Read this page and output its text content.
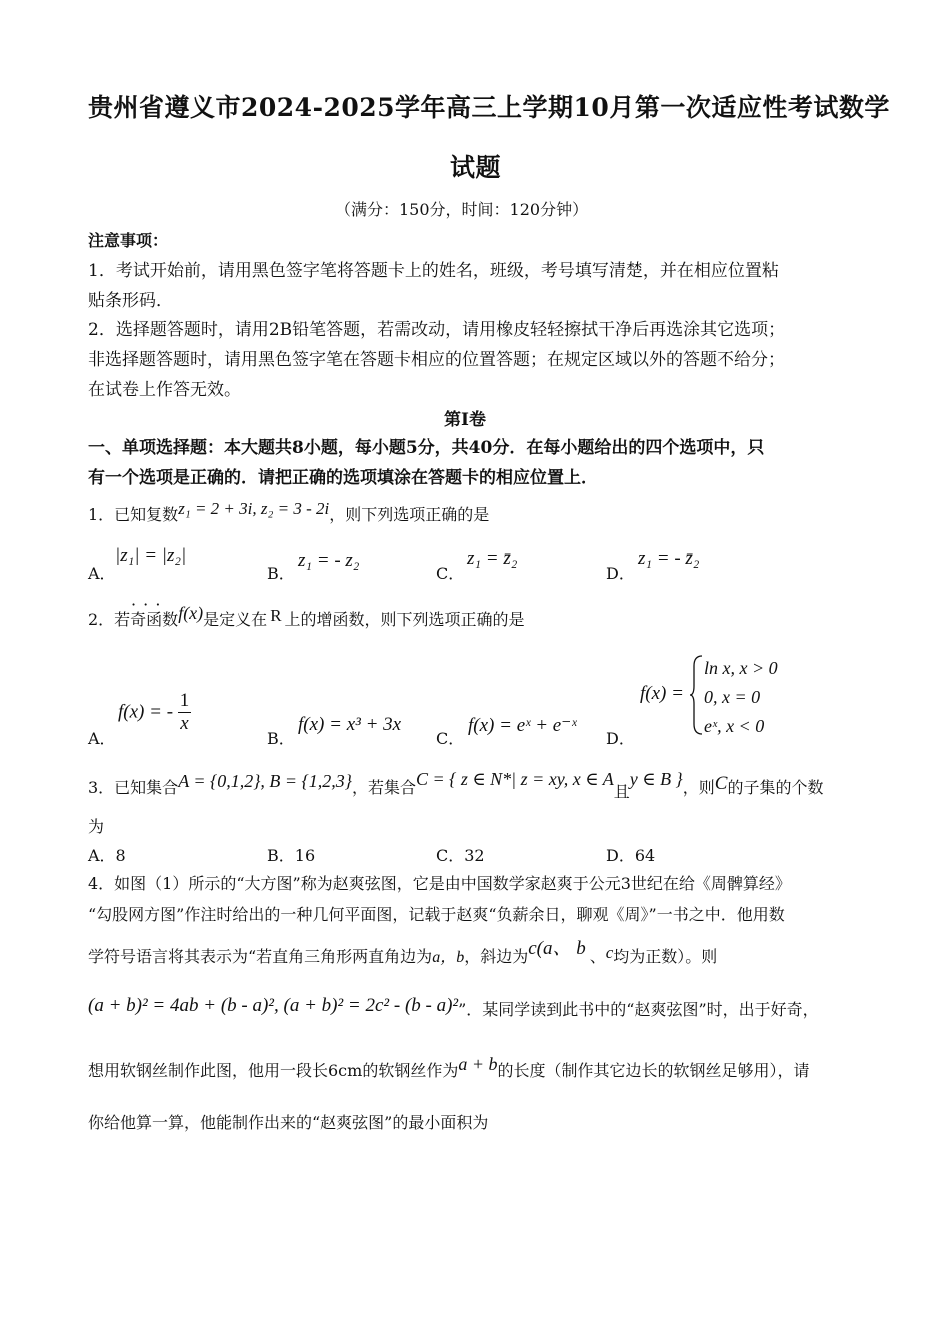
贵州省遵义市2024-2025学年高三上学期10月第一次适应性考试数学
试题
（满分：150分，时间：120分钟）
注意事项：
1．考试开始前，请用黑色签字笔将答题卡上的姓名，班级，考号填写清楚，并在相应位置粘
贴条形码．
2．选择题答题时，请用2B铅笔答题，若需改动，请用橡皮轻轻擦拭干净后再选涂其它选项；
非选择题答题时，请用黑色签字笔在答题卡相应的位置答题；在规定区域以外的答题不给分；
在试卷上作答无效。
第Ⅰ卷
一、单项选择题：本大题共8小题，每小题5分，共40分．在每小题给出的四个选项中，只
有一个选项是正确的．请把正确的选项填涂在答题卡的相应位置上．
1．已知复数z₁ = 2 + 3i, z₂ = 3 - 2i，则下列选项正确的是
A．
|z₁| = |z₂|
B．
z₁ = - z₂
C．
z₁ = z̄₂
D．
z₁ = - z̄₂
2．若奇函数f(x)是定义在 R 上的增函数，则下列选项正确的是
· · ·
A．
f(x) = - $\frac{1}{x}$
B．
f(x) = x³ + 3x
C．
f(x) = eˣ + e⁻ˣ
D．
f(x) =
ln x, x > 0
0, x = 0
eˣ, x < 0
3．已知集合A = {0,1,2}, B = {1,2,3}，若集合C = { z ∈ N*| z = xy, x ∈ A且y ∈ B }，则C的子集的个数
为
A．8	B．16	C．32	D．64
4．如图（1）所示的“大方图”称为赵爽弦图，它是由中国数学家赵爽于公元3世纪在给《周髀算经》
“勾股网方图”作注时给出的一种几何平面图，记载于赵爽“负薪余日，聊观《周》”一书之中．他用数
学符号语言将其表示为“若直角三角形两直角边为a，b，斜边为c(a、 b 、c均为正数）。则
(a + b)² = 4ab + (b - a)², (a + b)² = 2c² - (b - a)²”．某同学读到此书中的“赵爽弦图”时，出于好奇，
想用软钢丝制作此图，他用一段长6cm的软钢丝作为a + b的长度（制作其它边长的软钢丝足够用），请
你给他算一算，他能制作出来的“赵爽弦图”的最小面积为
